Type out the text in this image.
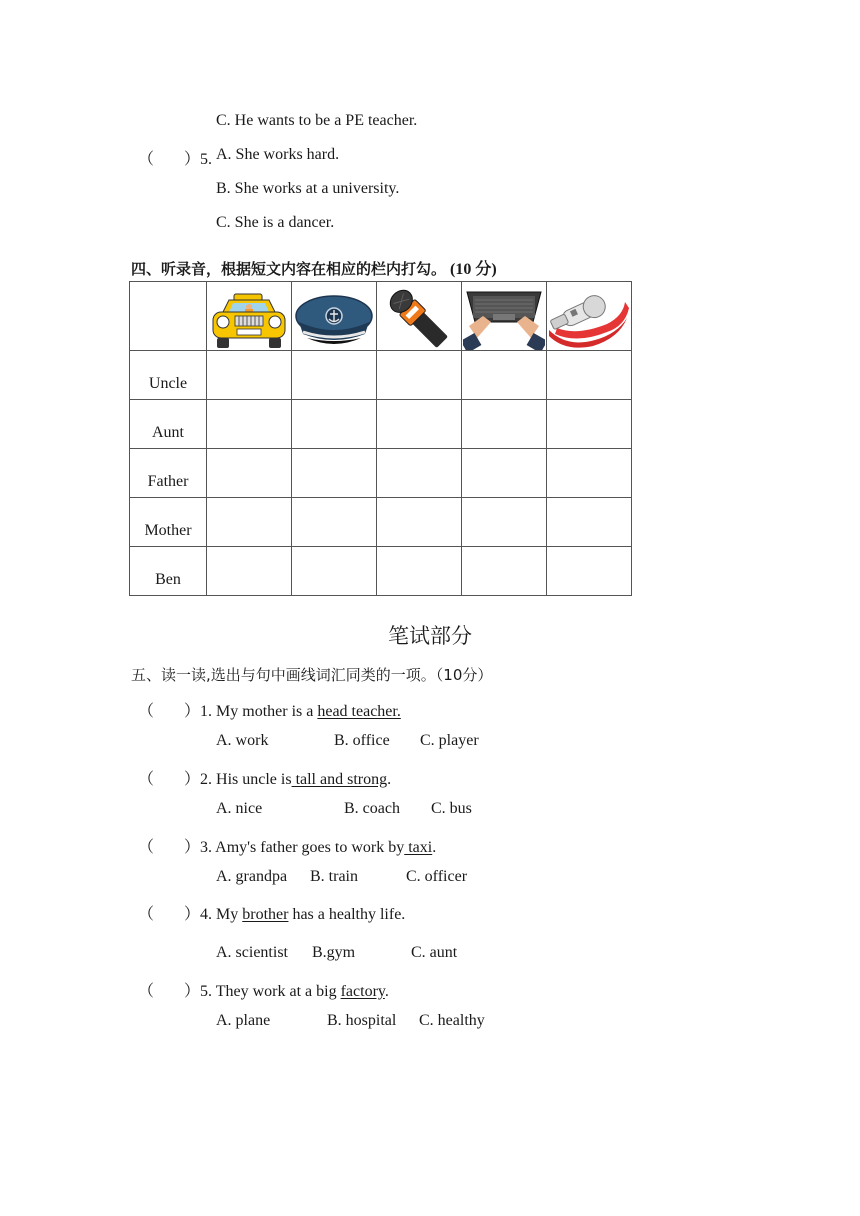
C. He wants to be a PE teacher.
（ ）5. A. She works hard.
B. She works at a university.
C. She is a dancer.
四、听录音，根据短文内容在相应的栏内打勾。 (10 分)

Uncle					
Aunt					
Father					
Mother					
Ben					
笔试部分
五、读一读,选出与句中画线词汇同类的一项。（10分）
（ ）1. My mother is a head teacher.
A. work	B. office C. player
（ ）2. His uncle is tall and strong.
A. nice	B. coach C. bus
（ ）3. Amy's father goes to work by taxi.
A. grandpa B. train	C. officer
（ ）4. My brother has a healthy life.
A. scientist B.gym	C. aunt
（ ）5. They work at a big factory.
A. plane	B. hospital C. healthy
